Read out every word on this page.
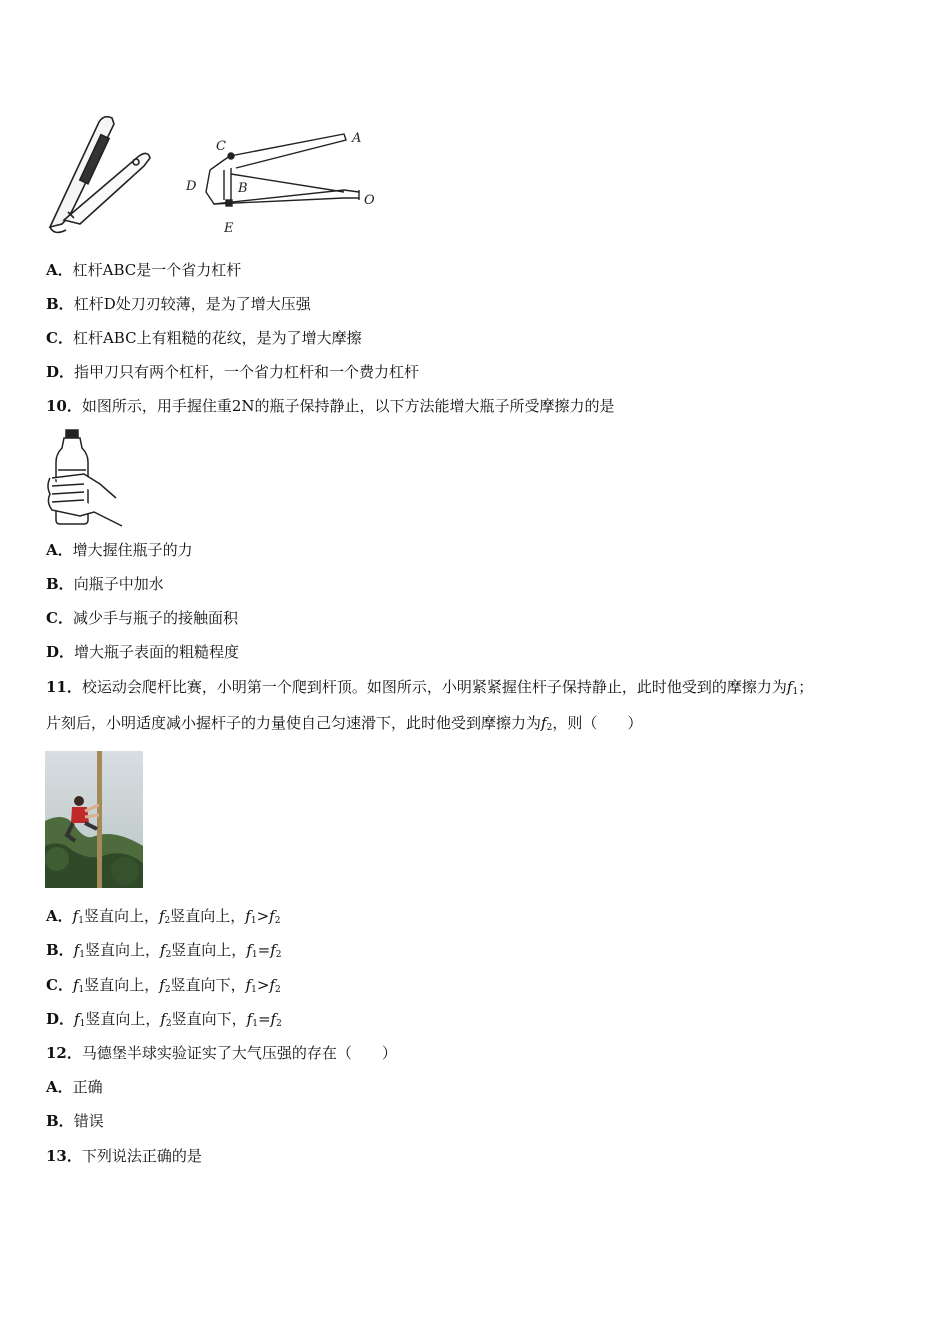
C
A
D	B
O
E
A．杠杆ABC是一个省力杠杆
B．杠杆D处刀刃较薄，是为了增大压强
C．杠杆ABC上有粗糙的花纹，是为了增大摩擦
D．指甲刀只有两个杠杆，一个省力杠杆和一个费力杠杆
10．如图所示，用手握住重2N的瓶子保持静止，以下方法能增大瓶子所受摩擦力的是
A．增大握住瓶子的力
B．向瓶子中加水
C．减少手与瓶子的接触面积
D．增大瓶子表面的粗糙程度
11．校运动会爬杆比赛，小明第一个爬到杆顶。如图所示，小明紧紧握住杆子保持静止，此时他受到的摩擦力为$f_1$；
片刻后，小明适度减小握杆子的力量使自己匀速滑下，此时他受到摩擦力为$f_2$，则（　　）
A．$f_1$竖直向上，$f_2$竖直向上，$f_1>f_2$
B．$f_1$竖直向上，$f_2$竖直向上，$f_1=f_2$
C．$f_1$竖直向上，$f_2$竖直向下，$f_1>f_2$
D．$f_1$竖直向上，$f_2$竖直向下，$f_1=f_2$
12．马德堡半球实验证实了大气压强的存在（　　）
A．正确
B．错误
13．下列说法正确的是
